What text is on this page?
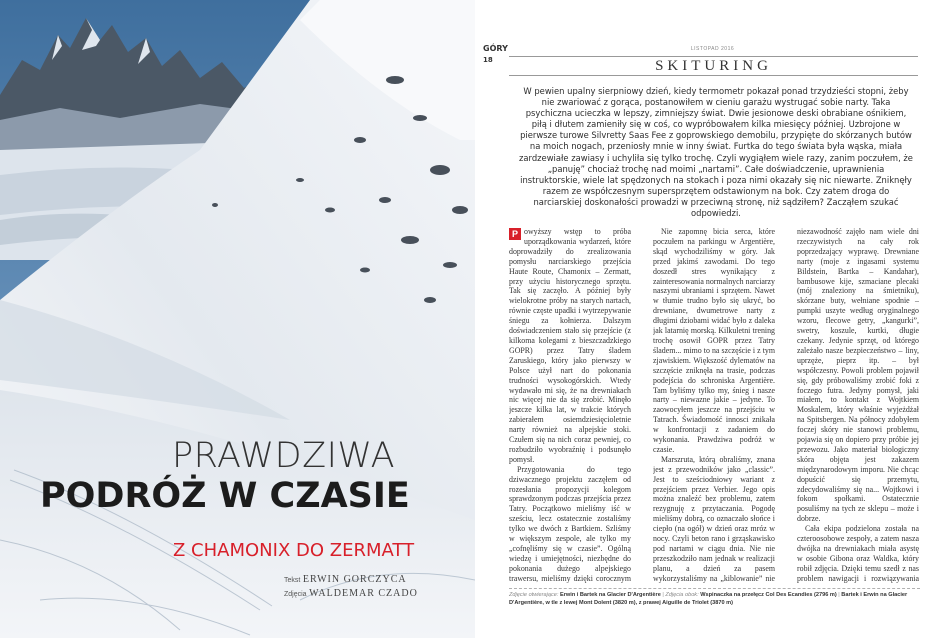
PRAWDZIWA
PODRÓŻ W CZASIE
Z CHAMONIX DO ZERMATT
Tekst ERWIN GORCZYCA
Zdjęcia WALDEMAR CZADO
GÓRY
18
LISTOPAD 2016
SKITURING

W pewien upalny sierpniowy dzień, kiedy termometr pokazał ponad trzydzieści stopni, żeby nie zwariować z gorąca, postanowiłem w cieniu garażu wystrugać sobie narty. Taka psychiczna ucieczka w lepszy, zimniejszy świat. Dwie jesionowe deski obrabiane ośnikiem, piłą i dłutem zamieniły się w coś, co wypróbowałem kilka miesięcy później. Uzbrojone w pierwsze turowe Silvretty Saas Fee z goprowskiego demobilu, przypięte do skórzanych butów na moich nogach, przeniosły mnie w inny świat. Furtka do tego świata była wąska, miała zardzewiałe zawiasy i uchyliła się tylko trochę. Czyli wygiąłem wiele razy, zanim poczułem, że „panuję” chociaż trochę nad moimi „nartami”. Całe doświadczenie, uprawnienia instruktorskie, wiele lat spędzonych na stokach i poza nimi okazały się nic niewarte. Zniknęły razem ze współczesnym supersprzętem odstawionym na bok. Czy zatem droga do narciarskiej doskonałości prowadzi w przeciwną stronę, niż sądziłem? Zacząłem szukać odpowiedzi.

P owyższy wstęp to próba uporządkowania wydarzeń, które doprowadziły do zrealizowania pomysłu narciarskiego przejścia Haute Route, Chamonix – Zermatt, przy użyciu historycznego sprzętu. Tak się zaczęło. A później były wielokrotne próby na starych nartach, równie częste upadki i wytrzepywanie śniegu za kołnierza. Dalszym doświadczeniem stało się przejście (z kilkoma kolegami z bieszczadzkiego GOPR) przez Tatry śladem Zaruskiego, który jako pierwszy w Polsce użył nart do pokonania trudności wysokogórskich. Wtedy wydawało mi się, że na drewniakach nic więcej nie da się zrobić. Minęło jeszcze kilka lat, w trakcie których zabierałem osiemdziesięcioletnie narty również na alpejskie stoki. Czułem się na nich coraz pewniej, co rozbudziło wyobraźnię i podsunęło pomysł.

Przygotowania do tego dziwacznego projektu zaczęłem od rozesłania propozycji kolegom sprawdzonym podczas przejścia przez Tatry. Początkowo mieliśmy iść w sześciu, lecz ostatecznie zostaliśmy tylko we dwóch z Bartkiem. Szliśmy w większym zespole, ale tylko my „cofnęliśmy się w czasie”. Ogólną wiedzę i umiejętności, niezbędne do pokonania dużego alpejskiego trawersu, mieliśmy dzięki corocznym

Nie zapomnę bicia serca, które poczułem na parkingu w Argentière, skąd wychodziliśmy w góry. Jak przed jakimś zawodami. Do tego doszedł stres wynikający z zainteresowania normalnych narciarzy naszymi ubraniami i sprzętem. Nawet w tłumie trudno było się ukryć, bo drewniane, dwumetrowe narty z długimi dziobami widać było z daleka jak latarnię morską. Kilkuletni trening trochę osowił GOPR przez Tatry śladem... mimo to na szczęście i z tym zjawiskiem. Większość dylematów na szczęście zniknęła na trasie, podczas podejścia do schroniska Argentière. Tam byliśmy tylko my, śnieg i nasze narty – niewazne jakie – jedyne. To zaowocyłem jeszcze na przejściu w Tatrach. Świadomość innosci znikała w konfrontacji z zadaniem do wykonania. Prawdziwa podróż w czasie.

Marszruta, którą obraliśmy, znana jest z przewodników jako „classic”. Jest to sześciodniowy wariant z przejściem przez Verbier. Jego opis można znaleźć bez problemu, zatem rezygnuję z przytaczania. Pogodę mieliśmy dobrą, co oznaczało słońce i ciepło (na ogół) w dzień oraz mróz w nocy. Czyli beton rano i grząskawisko pod nartami w ciągu dnia. Nie nie przeszkodziło nam jednak w realizacji planu, a dzień za pasem wykorzystaliśmy na „kiblowanie” nie

niezawodność zajęło nam wiele dni rzeczywistych na cały rok poprzedzający wyprawę. Drewniane narty (moje z ingasami systemu Bildstein, Bartka – Kandahar), bambusowe kije, szmaciane plecaki (mój znaleziony na śmietniku), skórzane buty, wełniane spodnie – pumpki uszyte według oryginalnego wzoru, flecowe getry, „kangurki”, swetry, koszule, kurtki, długie czekany. Jedynie sprzęt, od którego zależało nasze bezpieczeństwo – liny, uprzęże, pieprz itp. – był współczesny. Powoli problem pojawił się, gdy próbowaliśmy zrobić foki z foczego futra. Jedyny pomysł, jaki miałem, to kontakt z Wojtkiem Moskalem, który właśnie wyjeżdżał na Spitsbergen. Na północy zdobyłem foczej skóry nie stanowi problemu, pojawia się on dopiero przy próbie jej przewozu. Jako materiał biologiczny skóra objęta jest zakazem międzynarodowym imporu. Nie chcąc dopuścić się przemytu, zdecydowaliśmy się na... Wojtkowi i fokom społkami. Ostatecznie posuliśmy na tych ze sklepu – może i dobrze.

Cała ekipa podzielona została na czteroosobowe zespoły, a zatem nasza dwójka na drewniakach miała asystę w osobie Gibona oraz Waldka, który robił zdjęcia. Dzięki temu szedł z nas problem nawigacji i rozwiązywania

Zdjęcie otwierające: Erwin i Bartek na Glacier D'Argentière | Zdjęcia obok: Wspinaczka na przełęcz Col Des Ecandies (2796 m) | Bartek i Erwin na Glacier D'Argentière, w tle z lewej Mont Dolent (3820 m), z prawej Aiguille de Triolet (3870 m)
